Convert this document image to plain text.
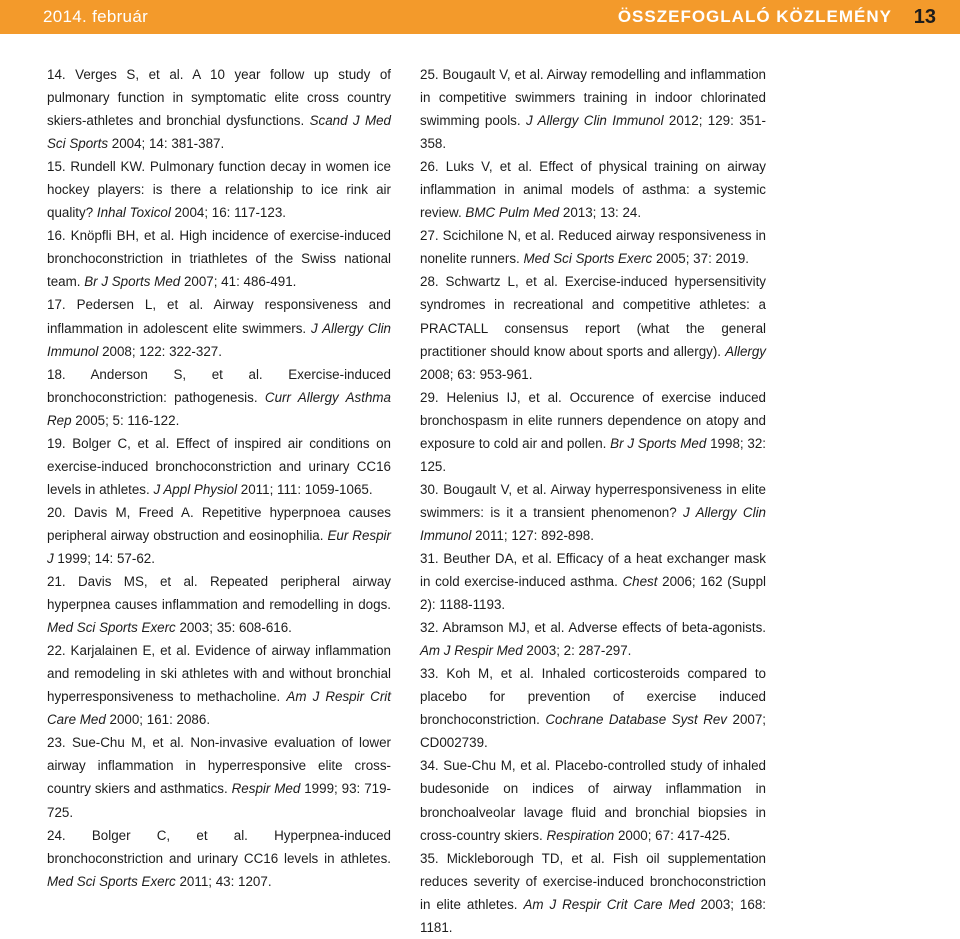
2014. február	ÖSSZEFOGLALÓ KÖZLEMÉNY 13

14. Verges S, et al. A 10 year follow up study of pulmonary function in symptomatic elite cross country skiers-athletes and bronchial dysfunctions. Scand J Med Sci Sports 2004; 14: 381-387.

15. Rundell KW. Pulmonary function decay in women ice hockey players: is there a relationship to ice rink air quality? Inhal Toxicol 2004; 16: 117-123.

16. Knöpfli BH, et al. High incidence of exercise-induced bronchoconstriction in triathletes of the Swiss national team. Br J Sports Med 2007; 41: 486-491.

17. Pedersen L, et al. Airway responsiveness and inflammation in adolescent elite swimmers. J Allergy Clin Immunol 2008; 122: 322-327.

18. Anderson S, et al. Exercise-induced bronchoconstriction: pathogenesis. Curr Allergy Asthma Rep 2005; 5: 116-122.

19. Bolger C, et al. Effect of inspired air conditions on exercise-induced bronchoconstriction and urinary CC16 levels in athletes. J Appl Physiol 2011; 111: 1059-1065.

20. Davis M, Freed A. Repetitive hyperpnoea causes peripheral airway obstruction and eosinophilia. Eur Respir J 1999; 14: 57-62.

21. Davis MS, et al. Repeated peripheral airway hyperpnea causes inflammation and remodelling in dogs. Med Sci Sports Exerc 2003; 35: 608-616.

22. Karjalainen E, et al. Evidence of airway inflammation and remodeling in ski athletes with and without bronchial hyperresponsiveness to methacholine. Am J Respir Crit Care Med 2000; 161: 2086.

23. Sue-Chu M, et al. Non-invasive evaluation of lower airway inflammation in hyperresponsive elite cross-country skiers and asthmatics. Respir Med 1999; 93: 719-725.

24. Bolger C, et al. Hyperpnea-induced bronchoconstriction and urinary CC16 levels in athletes. Med Sci Sports Exerc 2011; 43: 1207.

25. Bougault V, et al. Airway remodelling and inflammation in competitive swimmers training in indoor chlorinated swimming pools. J Allergy Clin Immunol 2012; 129: 351-358.

26. Luks V, et al. Effect of physical training on airway inflammation in animal models of asthma: a systemic review. BMC Pulm Med 2013; 13: 24.

27. Scichilone N, et al. Reduced airway responsiveness in nonelite runners. Med Sci Sports Exerc 2005; 37: 2019.

28. Schwartz L, et al. Exercise-induced hypersensitivity syndromes in recreational and competitive athletes: a PRACTALL consensus report (what the general practitioner should know about sports and allergy). Allergy 2008; 63: 953-961.

29. Helenius IJ, et al. Occurence of exercise induced bronchospasm in elite runners dependence on atopy and exposure to cold air and pollen. Br J Sports Med 1998; 32: 125.

30. Bougault V, et al. Airway hyperresponsiveness in elite swimmers: is it a transient phenomenon? J Allergy Clin Immunol 2011; 127: 892-898.

31. Beuther DA, et al. Efficacy of a heat exchanger mask in cold exercise-induced asthma. Chest 2006; 162 (Suppl 2): 1188-1193.

32. Abramson MJ, et al. Adverse effects of beta-agonists. Am J Respir Med 2003; 2: 287-297.

33. Koh M, et al. Inhaled corticosteroids compared to placebo for prevention of exercise induced bronchoconstriction. Cochrane Database Syst Rev 2007; CD002739.

34. Sue-Chu M, et al. Placebo-controlled study of inhaled budesonide on indices of airway inflammation in bronchoalveolar lavage fluid and bronchial biopsies in cross-country skiers. Respiration 2000; 67: 417-425.

35. Mickleborough TD, et al. Fish oil supplementation reduces severity of exercise-induced bronchoconstriction in elite athletes. Am J Respir Crit Care Med 2003; 168: 1181.
